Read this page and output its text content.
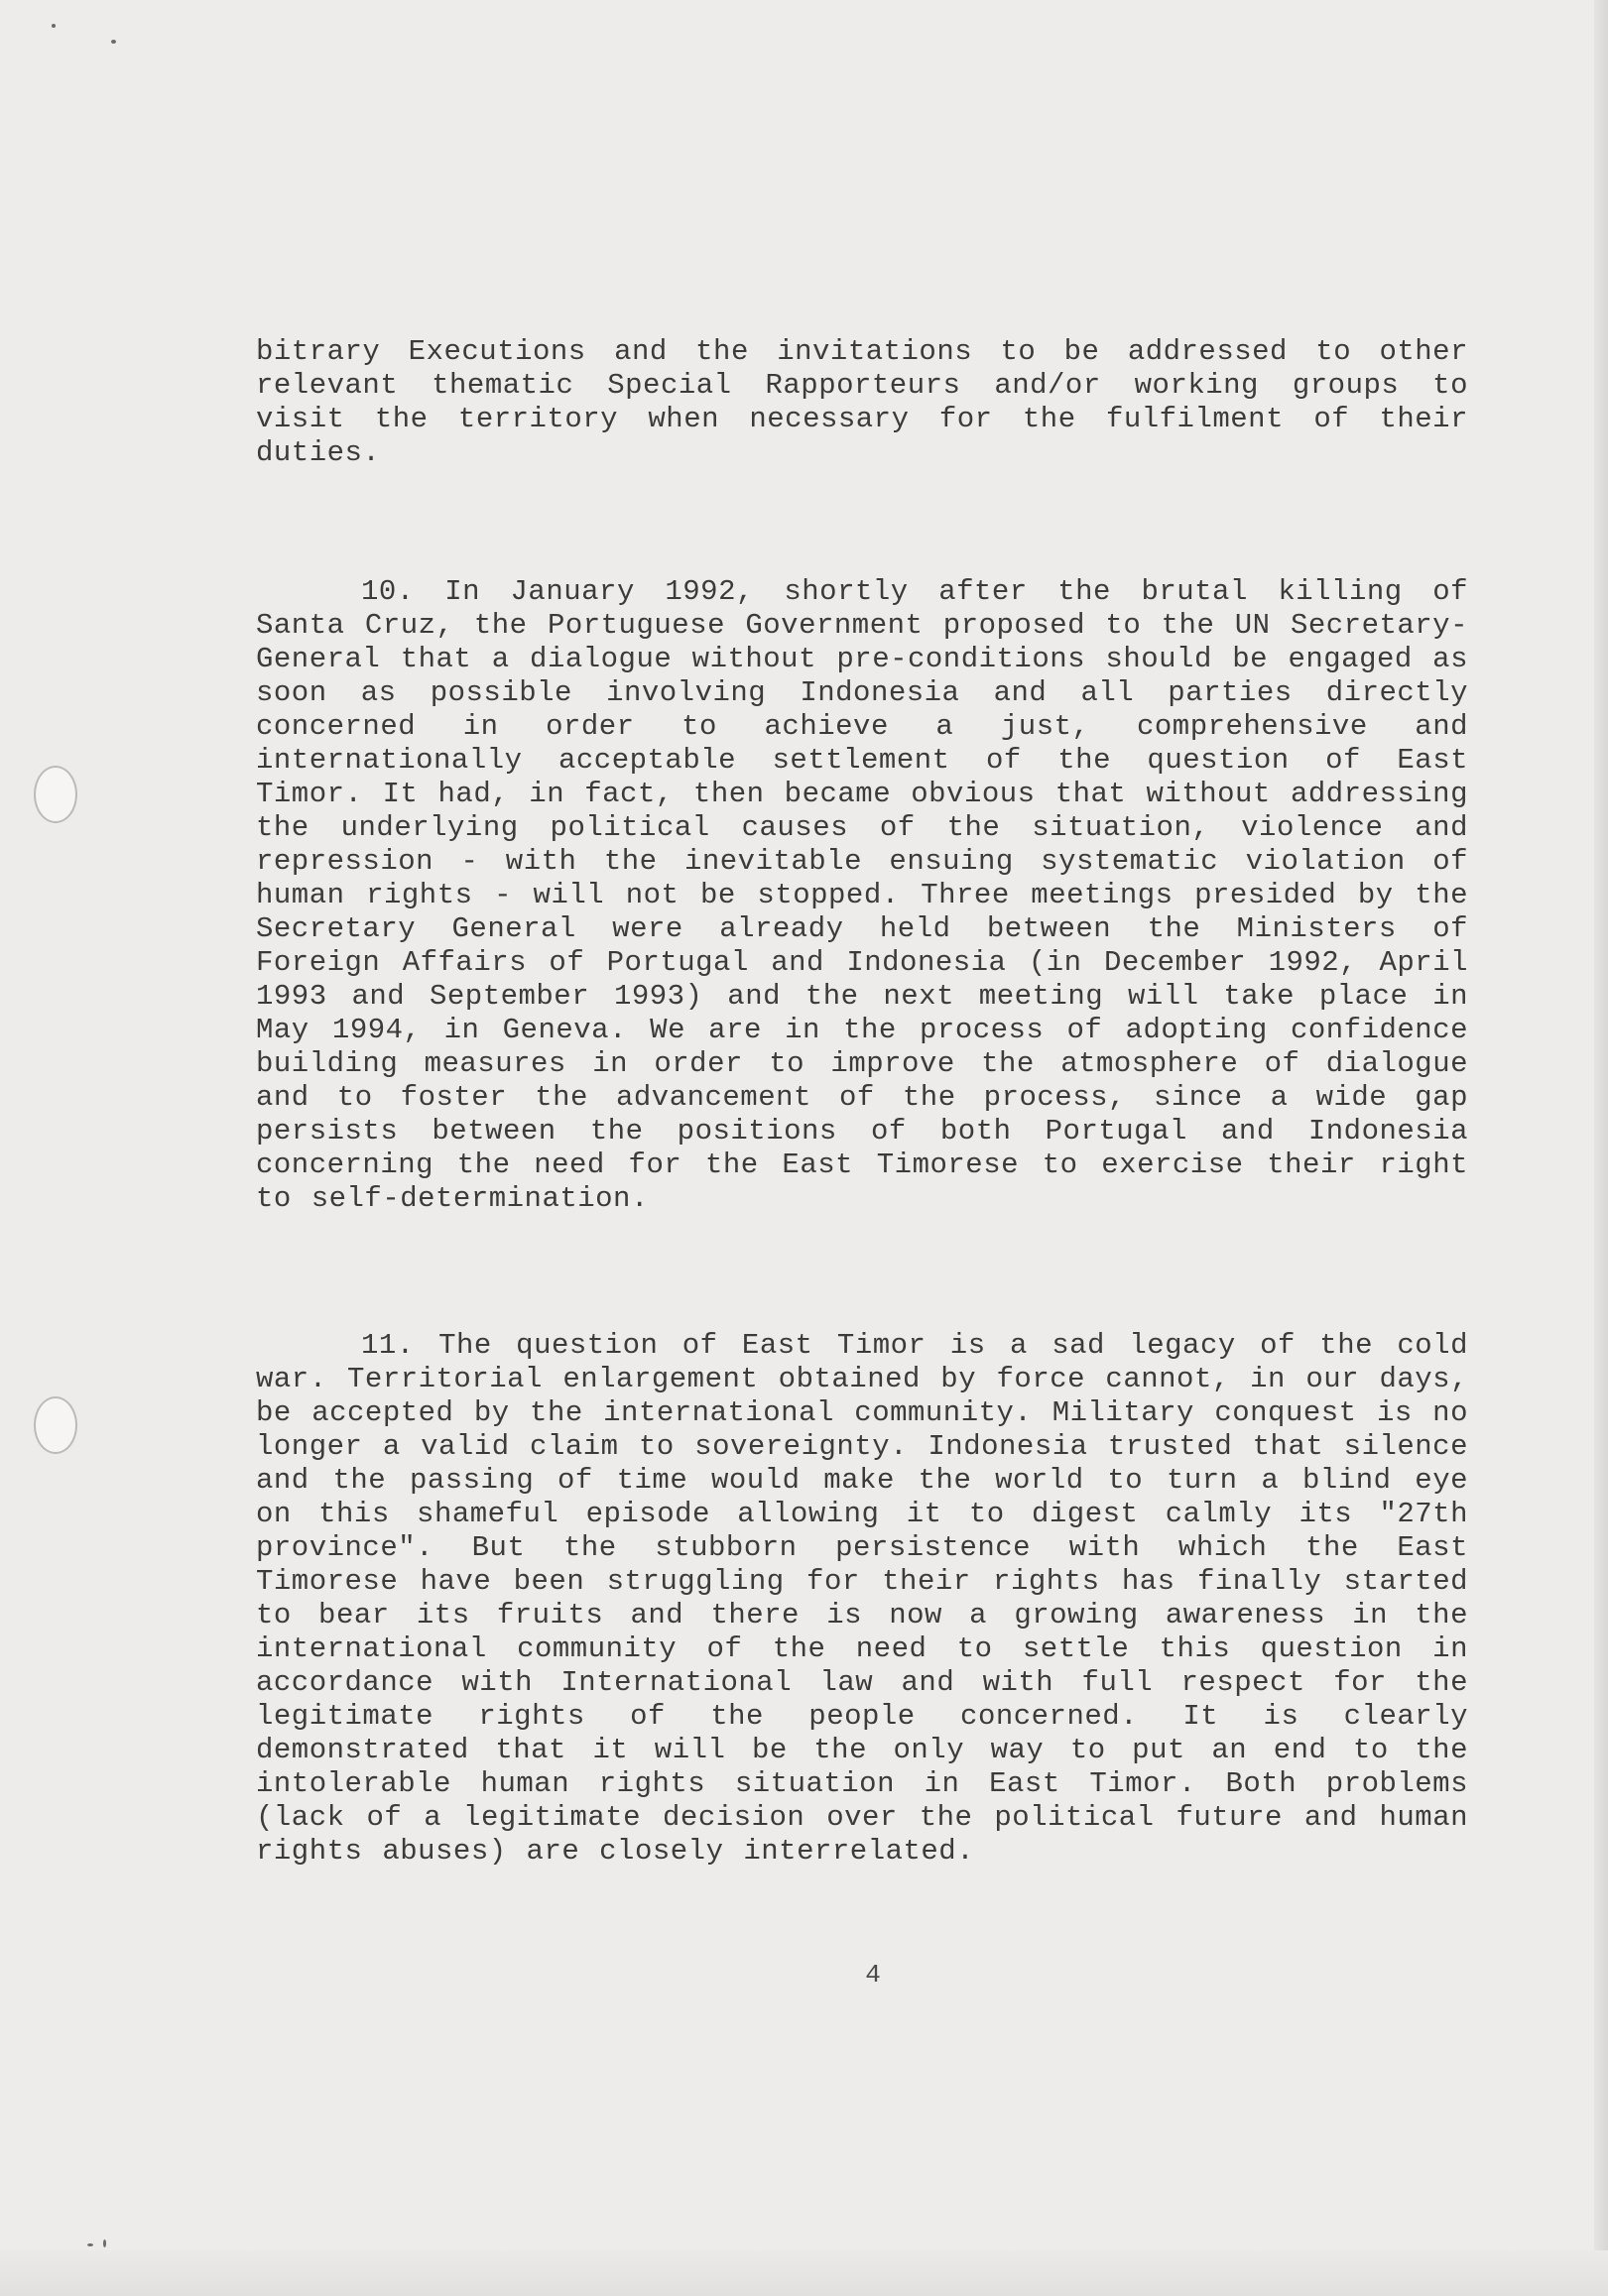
bitrary Executions and the invitations to be addressed to other relevant thematic Special Rapporteurs and/or working groups to visit the territory when necessary for the fulfilment of their duties.

10. In January 1992, shortly after the brutal killing of Santa Cruz, the Portuguese Government proposed to the UN Secretary-General that a dialogue without pre-conditions should be engaged as soon as possible involving Indonesia and all parties directly concerned in order to achieve a just, comprehensive and internationally acceptable settlement of the question of East Timor. It had, in fact, then became obvious that without addressing the underlying political causes of the situation, violence and repression - with the inevitable ensuing systematic violation of human rights - will not be stopped. Three meetings presided by the Secretary General were already held between the Ministers of Foreign Affairs of Portugal and Indonesia (in December 1992, April 1993 and September 1993) and the next meeting will take place in May 1994, in Geneva. We are in the process of adopting confidence building measures in order to improve the atmosphere of dialogue and to foster the advancement of the process, since a wide gap persists between the positions of both Portugal and Indonesia concerning the need for the East Timorese to exercise their right to self-determination.

11. The question of East Timor is a sad legacy of the cold war. Territorial enlargement obtained by force cannot, in our days, be accepted by the international community. Military conquest is no longer a valid claim to sovereignty. Indonesia trusted that silence and the passing of time would make the world to turn a blind eye on this shameful episode allowing it to digest calmly its "27th province". But the stubborn persistence with which the East Timorese have been struggling for their rights has finally started to bear its fruits and there is now a growing awareness in the international community of the need to settle this question in accordance with International law and with full respect for the legitimate rights of the people concerned. It is clearly demonstrated that it will be the only way to put an end to the intolerable human rights situation in East Timor. Both problems (lack of a legitimate decision over the political future and human rights abuses) are closely interrelated.

4
